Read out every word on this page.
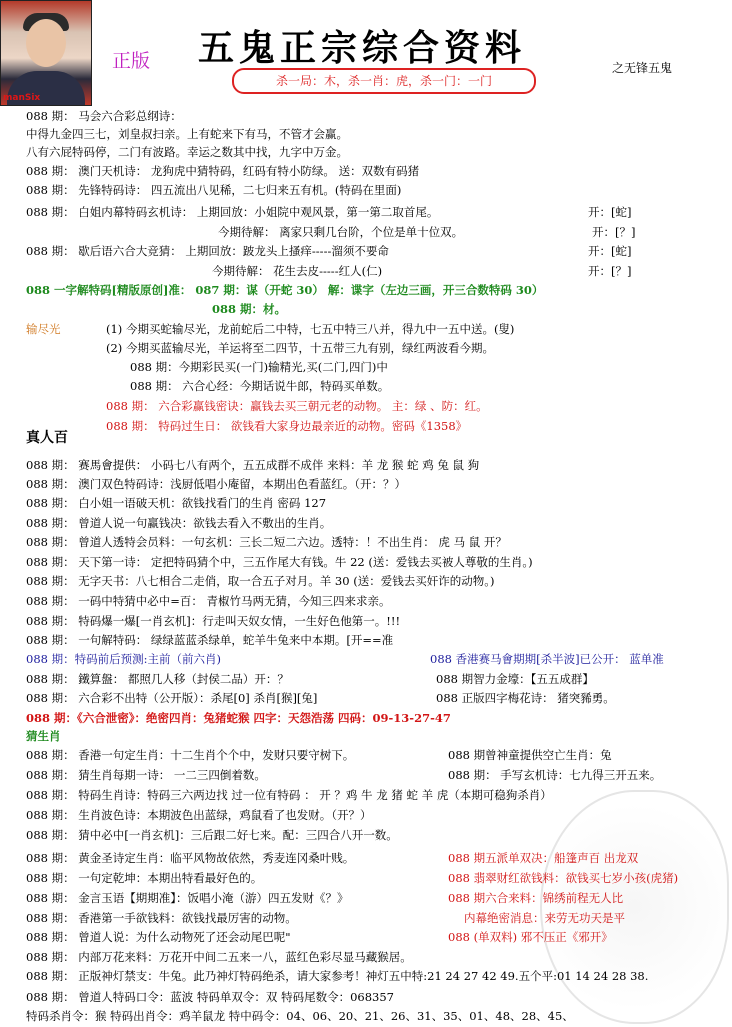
manSix
正版 五鬼正宗综合资料	之无锋五鬼
杀一局：木，杀一肖：虎，杀一门：一门
088 期： 马会六合彩总纲诗：
中得九金四三七，刘皇叔扫亲。上有蛇来下有马，不管才会赢。
八有六屁特码停，二门有波路。幸运之数其中找，九字中万金。
088 期： 澳门天机诗： 龙狗虎中猜特码，红码有特小防绿。 送：双数有码猪
088 期： 先锋特码诗： 四五流出八见稀，二七归来五有机。(特码在里面)
088 期： 白姐内幕特码玄机诗： 上期回放：小姐院中观风景，第一第二取首尾。	开：[蛇]
今期待解： 离家只剩几台阶，个位是单十位双。	开：[？]
088 期： 歇后语六合大竞猜： 上期回放：跛龙头上搔痒-----溜须不要命	开：[蛇]
今期待解： 花生去皮-----红人(仁)	开：[？]
088 一字解特码[精版原创]准： 087 期：谋（开蛇 30） 解：谍字（左边三画，开三合数特码 30）
088 期：材。
输尽光	(1) 今期买蛇输尽光，龙前蛇后二中特，七五中特三八并，得九中一五中送。(叟)
(2) 今期买蓝输尽光，羊运将至二四节，十五带三九有别，绿红两波看今期。
088 期：今期彩民买(一门)输精光,买(二门,四门)中
088 期： 六合心经：今期话说牛郎，特码买单数。
088 期： 六合彩赢钱密诀：赢钱去买三朝元老的动物。 主：绿 、防：红。
088 期： 特码过生日： 欲钱看大家身边最亲近的动物。密码《1358》
真人百
088 期： 赛馬會提供： 小码七八有两个，五五成群不成伴 来料：羊 龙 猴 蛇 鸡 兔 鼠 狗
088 期： 澳门双色特码诗：浅厨低唱小庵留，本期出色看蓝红。（开：？）
088 期： 白小姐一语破天机：欲钱找看门的生肖 密码 127
088 期： 曾道人说一句赢钱决：欲钱去看入不敷出的生肖。
088 期： 曾道人透特会员料：一句玄机：三长二短二六边。透特：！不出生肖： 虎 马 鼠 开？
088 期： 天下第一诗： 定把特码猜个中，三五作尾大有钱。牛 22 (送：爱钱去买被人尊敬的生肖。)
088 期： 无字天书：八七相合二走俏，取一合五子对月。羊 30 (送：爱钱去买奸诈的动物。)
088 期： 一码中特猜中必中=百： 青椒竹马两无猜，今知三四来求亲。
088 期： 特码爆一爆[一肖玄机]：行走叫天奴女情，一生好色他第一。!!!
088 期： 一句解特码： 绿绿蓝蓝杀绿单，蛇羊牛兔来中本期。[开==准
088 期：特码前后预测:主前（前六肖)	088 香港赛马會期期[杀半波]已公开： 蓝单准
088 期： 鐵算盤： 都照几人移（封侯二品）开：？	088 期智力金壕：【五五成群】
088 期： 六合彩不出特（公开版）：杀尾[0] 杀肖[猴][兔]	088 正版四字梅花诗： 猪突豨勇。
088 期：《六合泄密》：绝密四肖：兔猪蛇猴 四字：天怨浩荡 四码：09-13-27-47
猜生肖
088 期： 香港一句定生肖：十二生肖个个中，发财只要守树下。	088 期曾神童提供空亡生肖：兔
088 期： 猜生肖每期一诗： 一二三四倒着数。	088 期： 手写玄机诗：七九得三开五来。
088 期： 特码生肖诗：特码三六两边找 过一位有特码 ： 开 ？鸡 牛 龙 猪 蛇 羊 虎（本期可稳狗杀肖）
088 期： 生肖波色诗：本期波色出蓝绿，鸡鼠看了也发财。（开？）
088 期： 猜中必中[一肖玄机]：三后跟二好七来。配：三四合八开一数。
088 期： 黄金圣诗定生肖：临平风物故依然，秀麦连冈桑叶贱。	088 期五派单双决：船篷声百 出龙双
088 期： 一句定乾坤：本期出特看最好色的。	088 翡翠财红欲钱料：欲钱买七岁小孩(虎猪)
088 期： 金言玉语【期期准】：饭唱小淹（游）四五发财《？》	088 期六合来料：锦绣前程无人比
088 期： 香港第一手欲钱料：欲钱找最厉害的动物。	内幕绝密消息：来劳无功天是平
088 期： 曾道人说：为什么动物死了还会动尾巴呢"	088 (单双料) 邪不压正《邪开》
088 期： 内部万花来料：万花开中间二五来一八，蓝红色彩尽显马藏猴居。
088 期： 正版神灯禁支：牛兔。此乃神灯特码绝杀，请大家参考！神灯五中特:21 24 27 42 49.五个平:01 14 24 28 38.
088 期： 曾道人特码口令：蓝波 特码单双令：双 特码尾数令：068357
特码杀肖令：猴 特码出肖令：鸡羊鼠龙 特中码令：04、06、20、21、26、31、35、01、48、28、45、
